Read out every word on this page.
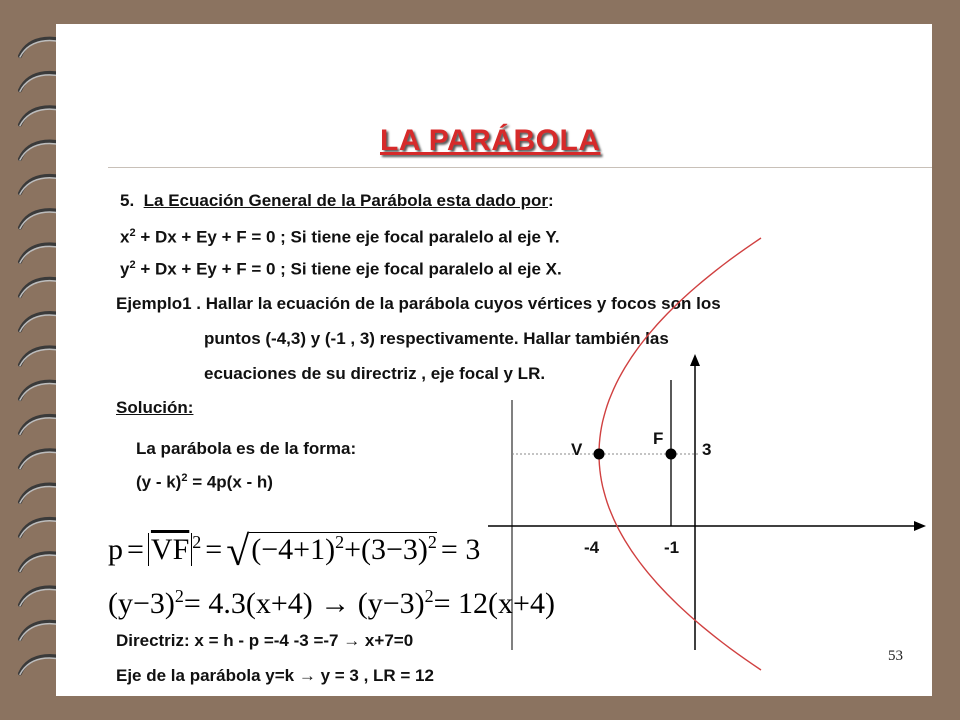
LA PARÁBOLA
5. La Ecuación General de la Parábola esta dado por:
$x^2 + Dx + Ey + F = 0$ ; Si tiene eje focal paralelo al eje Y.
$y^2 + Dx + Ey + F = 0$ ; Si tiene eje focal paralelo al eje X.
Ejemplo1 . Hallar la ecuación de la parábola cuyos vértices y focos son los
puntos (-4,3) y (-1 , 3) respectivamente. Hallar también las
ecuaciones de su directriz , eje focal y LR.
Solución:
La parábola es de la forma:
(y - k)$^2$ = 4p(x - h)
$p = \overline{VF}$ $^2 =√(-4+1)^2+(3-3)^2 = 3$
$(y-3)^2= 4.3(x+4) \to (y-3)^2= 12(x+4)$
Directriz: x = h - p =-4 -3 =-7 → x+7=0
Eje de la parábola y=k → y = 3 , LR = 12
53
V
F
3
-4	-1
